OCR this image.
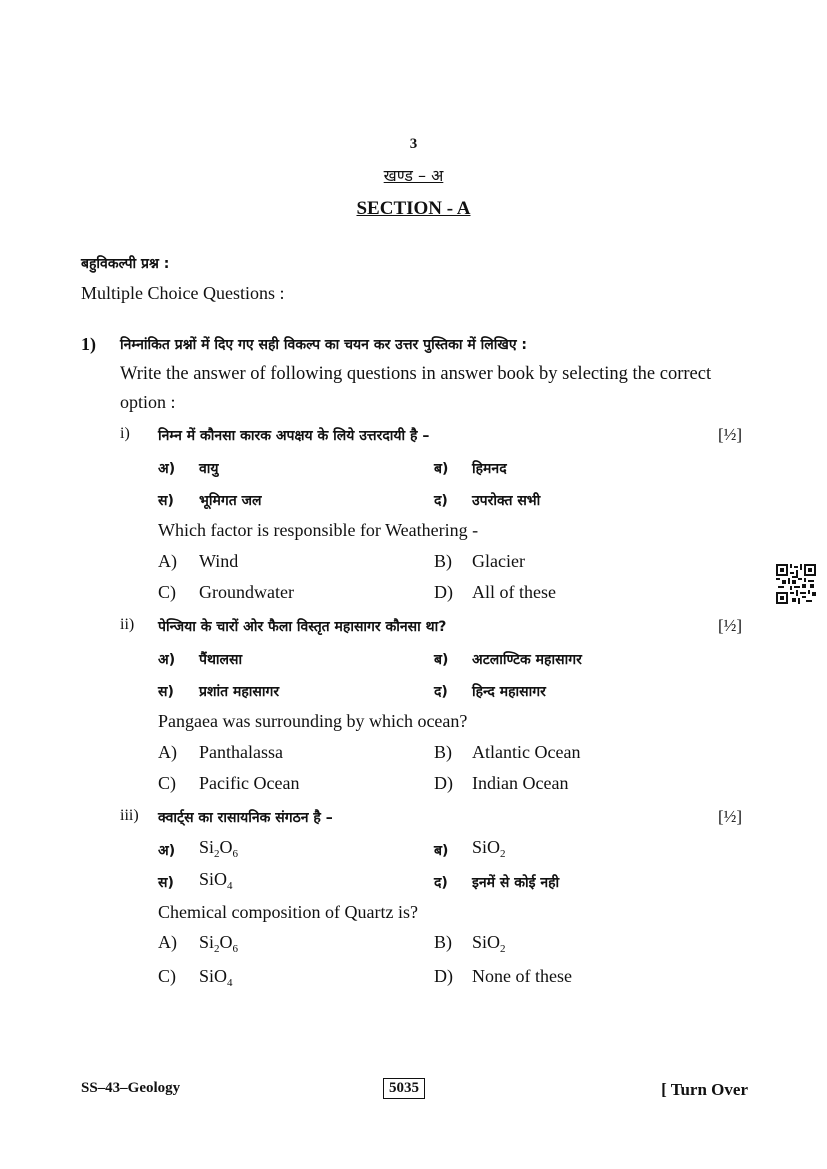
3
खण्ड – अ
SECTION - A
बहुविकल्पी प्रश्न :
Multiple Choice Questions :
1) निम्नांकित प्रश्नों में दिए गए सही विकल्प का चयन कर उत्तर पुस्तिका में लिखिए :
Write the answer of following questions in answer book by selecting the correct
option :
i) निम्न में कौनसा कारक अपक्षय के लिये उत्तरदायी है –	[½]
अ) वायु	ब) हिमनद
स) भूमिगत जल	द) उपरोक्त सभी
Which factor is responsible for Weathering -
A) Wind	B) Glacier
C) Groundwater	D) All of these
ii) पेन्जिया के चारों ओर फैला विस्तृत महासागर कौनसा था?	[½]
अ) पैंथालसा	ब) अटलाण्टिक महासागर
स) प्रशांत महासागर	द) हिन्द महासागर
Pangaea was surrounding by which ocean?
A) Panthalassa	B) Atlantic Ocean
C) Pacific Ocean	D) Indian Ocean
iii) क्वार्ट्स का रासायनिक संगठन है –	[½]
अ) $Si_2O_6$	ब) SiO$_2$
स) SiO$_4$	द) इनमें से कोई नही
Chemical composition of Quartz is?
A) $Si_2O_6$	B) SiO$_2$
C) SiO$_4$	D) None of these
SS–43–Geology	5035	[ Turn Over
